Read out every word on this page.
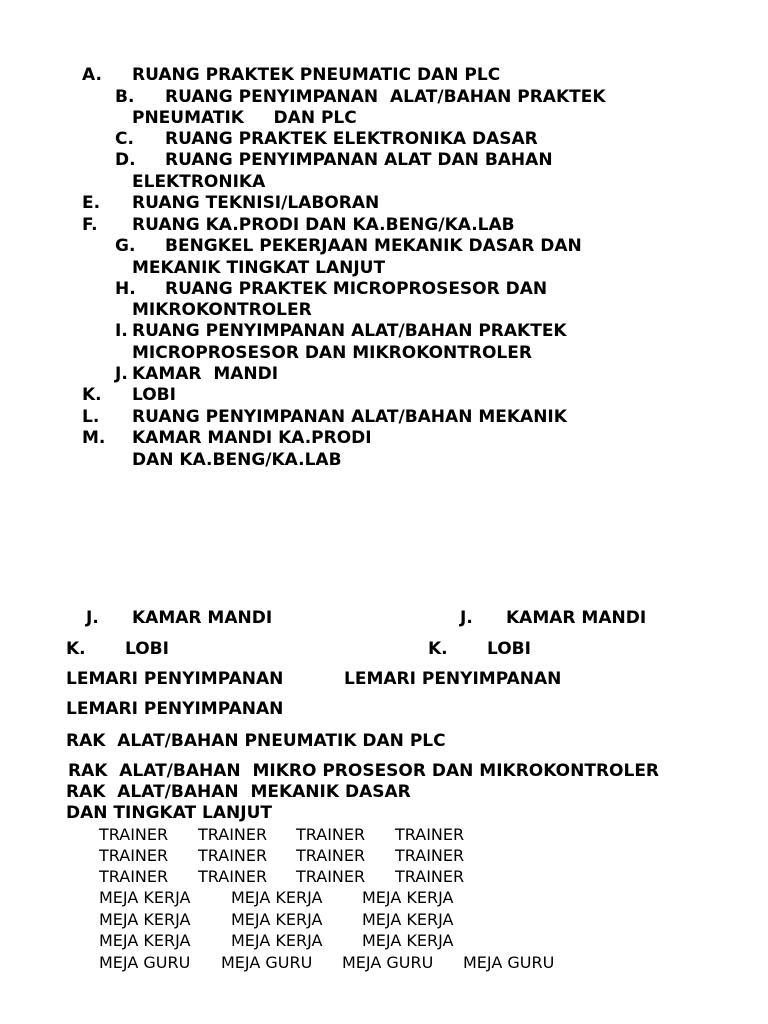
A. RUANG PRAKTEK PNEUMATIC DAN PLC
B. RUANG PENYIMPANAN  ALAT/BAHAN PRAKTEK
PNEUMATIK     DAN PLC
C. RUANG PRAKTEK ELEKTRONIKA DASAR
D. RUANG PENYIMPANAN ALAT DAN BAHAN
ELEKTRONIKA
E. RUANG TEKNISI/LABORAN
F. RUANG KA.PRODI DAN KA.BENG/KA.LAB
G. BENGKEL PEKERJAAN MEKANIK DASAR DAN
MEKANIK TINGKAT LANJUT
H. RUANG PRAKTEK MICROPROSESOR DAN
MIKROKONTROLER
I. RUANG PENYIMPANAN ALAT/BAHAN PRAKTEK
MICROPROSESOR DAN MIKROKONTROLER
J. KAMAR  MANDI
K. LOBI
L. RUANG PENYIMPANAN ALAT/BAHAN MEKANIK
M. KAMAR MANDI KA.PRODI
DAN KA.BENG/KA.LAB
J. KAMAR MANDI	J. KAMAR MANDI
K. LOBI	K. LOBI
LEMARI PENYIMPANAN	LEMARI PENYIMPANAN
LEMARI PENYIMPANAN
RAK  ALAT/BAHAN PNEUMATIK DAN PLC
RAK  ALAT/BAHAN  MIKRO PROSESOR DAN MIKROKONTROLER
RAK  ALAT/BAHAN  MEKANIK DASAR
DAN TINGKAT LANJUT
TRAINER TRAINER TRAINER TRAINER
TRAINER TRAINER TRAINER TRAINER
TRAINER TRAINER TRAINER TRAINER
MEJA KERJA	MEJA KERJA MEJA KERJA
MEJA KERJA	MEJA KERJA MEJA KERJA
MEJA KERJA	MEJA KERJA MEJA KERJA
MEJA GURU MEJA GURU MEJA GURU MEJA GURU
